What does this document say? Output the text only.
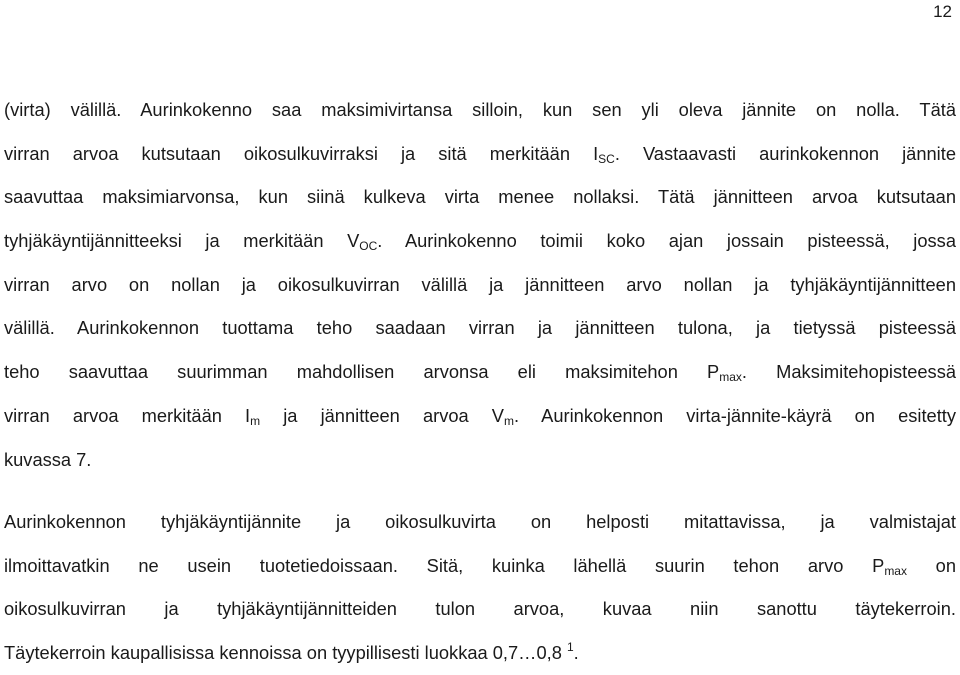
12
(virta) välillä. Aurinkokenno saa maksimivirtansa silloin, kun sen yli oleva jännite on nolla. Tätä
virran arvoa kutsutaan oikosulkuvirraksi ja sitä merkitään $I_{SC}$. Vastaavasti aurinkokennon jännite
saavuttaa maksimiarvonsa, kun siinä kulkeva virta menee nollaksi. Tätä jännitteen arvoa kutsutaan
tyhjäkäyntijännitteeksi ja merkitään $V_{OC}$. Aurinkokenno toimii koko ajan jossain pisteessä, jossa
virran arvo on nollan ja oikosulkuvirran välillä ja jännitteen arvo nollan ja tyhjäkäyntijännitteen
välillä. Aurinkokennon tuottama teho saadaan virran ja jännitteen tulona, ja tietyssä pisteessä
teho saavuttaa suurimman mahdollisen arvonsa eli maksimitehon $P_{max}$. Maksimitehopisteessä
virran arvoa merkitään $I_m$ ja jännitteen arvoa $V_m$. Aurinkokennon virta-jännite-käyrä on esitetty
kuvassa 7.
Aurinkokennon tyhjäkäyntijännite ja oikosulkuvirta on helposti mitattavissa, ja valmistajat
ilmoittavatkin ne usein tuotetiedoissaan. Sitä, kuinka lähellä suurin tehon arvo $P_{max}$ on
oikosulkuvirran ja tyhjäkäyntijännitteiden tulon arvoa, kuvaa niin sanottu täytekerroin.
Täytekerroin kaupallisissa kennoissa on tyypillisesti luokkaa 0,7…0,8 $^1$.
